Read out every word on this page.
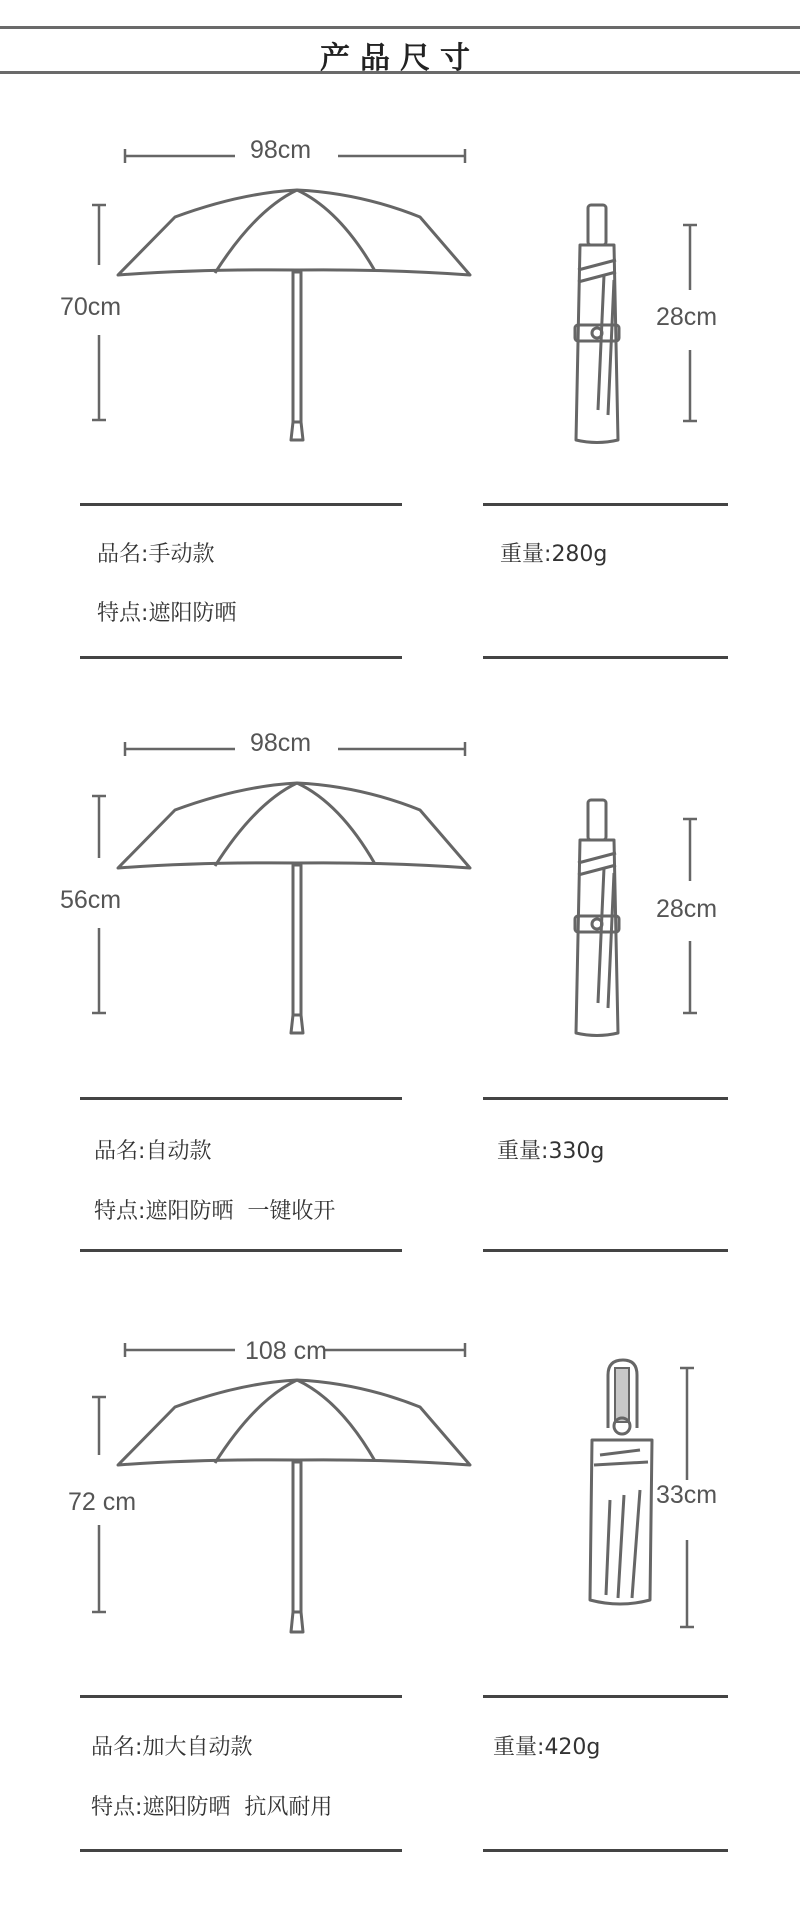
产品尺寸
98cm
70cm	28cm
品名:手动款
特点:遮阳防晒
重量:280g
98cm
56cm	28cm
品名:自动款
特点:遮阳防晒  一键收开
重量:330g
108 cm
72 cm	33cm
品名:加大自动款
特点:遮阳防晒  抗风耐用
重量:420g
